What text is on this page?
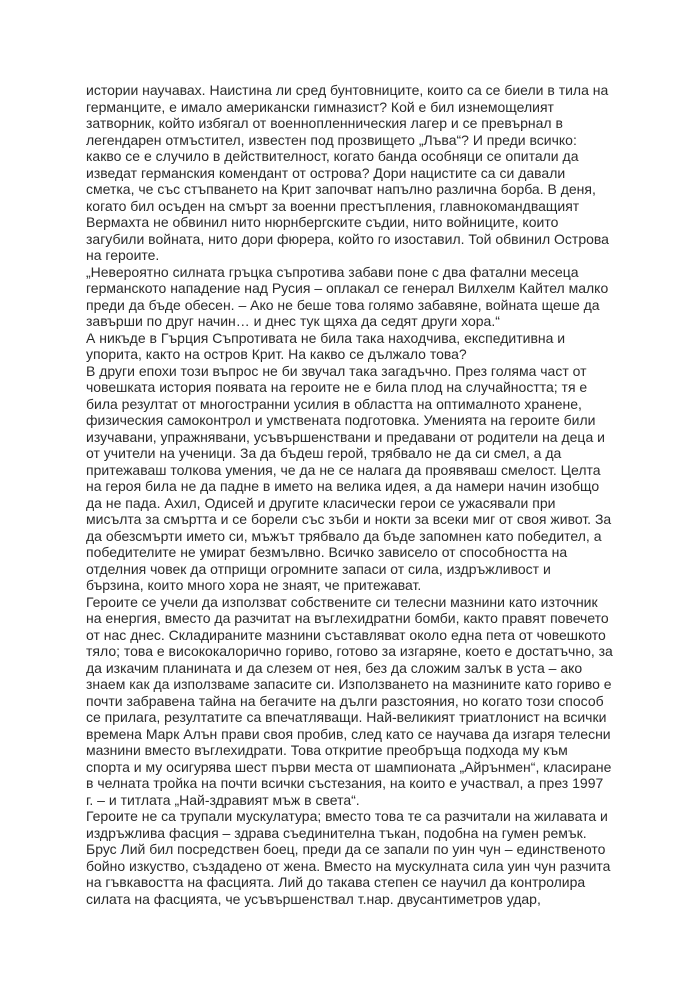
истории научавах. Наистина ли сред бунтовниците, които са се биели в тила на
германците, е имало американски гимназист? Кой е бил изнемощелият
затворник, който избягал от военнопленническия лагер и се превърнал в
легендарен отмъстител, известен под прозвището „Лъва“? И преди всичко:
какво се е случило в действителност, когато банда особняци се опитали да
изведат германския комендант от острова? Дори нацистите са си давали
сметка, че със стъпването на Крит започват напълно различна борба. В деня,
когато бил осъден на смърт за военни престъпления, главнокомандващият
Вермахта не обвинил нито нюрнбергските съдии, нито войниците, които
загубили войната, нито дори фюрера, който го изоставил. Той обвинил Острова
на героите.
„Невероятно силната гръцка съпротива забави поне с два фатални месеца
германското нападение над Русия – оплакал се генерал Вилхелм Кайтел малко
преди да бъде обесен. – Ако не беше това голямо забавяне, войната щеше да
завърши по друг начин… и днес тук щяха да седят други хора.“
А никъде в Гърция Съпротивата не била така находчива, експедитивна и
упорита, както на остров Крит. На какво се дължало това?
В други епохи този въпрос не би звучал така загадъчно. През голяма част от
човешката история появата на героите не е била плод на случайността; тя е
била резултат от многостранни усилия в областта на оптималното хранене,
физическия самоконтрол и умствената подготовка. Уменията на героите били
изучавани, упражнявани, усъвършенствани и предавани от родители на деца и
от учители на ученици. За да бъдеш герой, трябвало не да си смел, а да
притежаваш толкова умения, че да не се налага да проявяваш смелост. Целта
на героя била не да падне в името на велика идея, а да намери начин изобщо
да не пада. Ахил, Одисей и другите класически герои се ужасявали при
мисълта за смъртта и се борели със зъби и нокти за всеки миг от своя живот. За
да обезсмърти името си, мъжът трябвало да бъде запомнен като победител, а
победителите не умират безмълвно. Всичко зависело от способността на
отделния човек да отприщи огромните запаси от сила, издръжливост и
бързина, които много хора не знаят, че притежават.
Героите се учели да използват собствените си телесни мазнини като източник
на енергия, вместо да разчитат на въглехидратни бомби, както правят повечето
от нас днес. Складираните мазнини съставляват около една пета от човешкото
тяло; това е висококалорично гориво, готово за изгаряне, което е достатъчно, за
да изкачим планината и да слезем от нея, без да сложим залък в уста – ако
знаем как да използваме запасите си. Използването на мазнините като гориво е
почти забравена тайна на бегачите на дълги разстояния, но когато този способ
се прилага, резултатите са впечатляващи. Най-великият триатлонист на всички
времена Марк Алън прави своя пробив, след като се научава да изгаря телесни
мазнини вместо въглехидрати. Това откритие преобръща подхода му към
спорта и му осигурява шест първи места от шампионата „Айрънмен“, класиране
в челната тройка на почти всички състезания, на които е участвал, а през 1997
г. – и титлата „Най-здравият мъж в света“.
Героите не са трупали мускулатура; вместо това те са разчитали на жилавата и
издръжлива фасция – здрава съединителна тъкан, подобна на гумен ремък.
Брус Лий бил посредствен боец, преди да се запали по уин чун – единственото
бойно изкуство, създадено от жена. Вместо на мускулната сила уин чун разчита
на гъвкавостта на фасцията. Лий до такава степен се научил да контролира
силата на фасцията, че усъвършенствал т.нар. двусантиметров удар,
